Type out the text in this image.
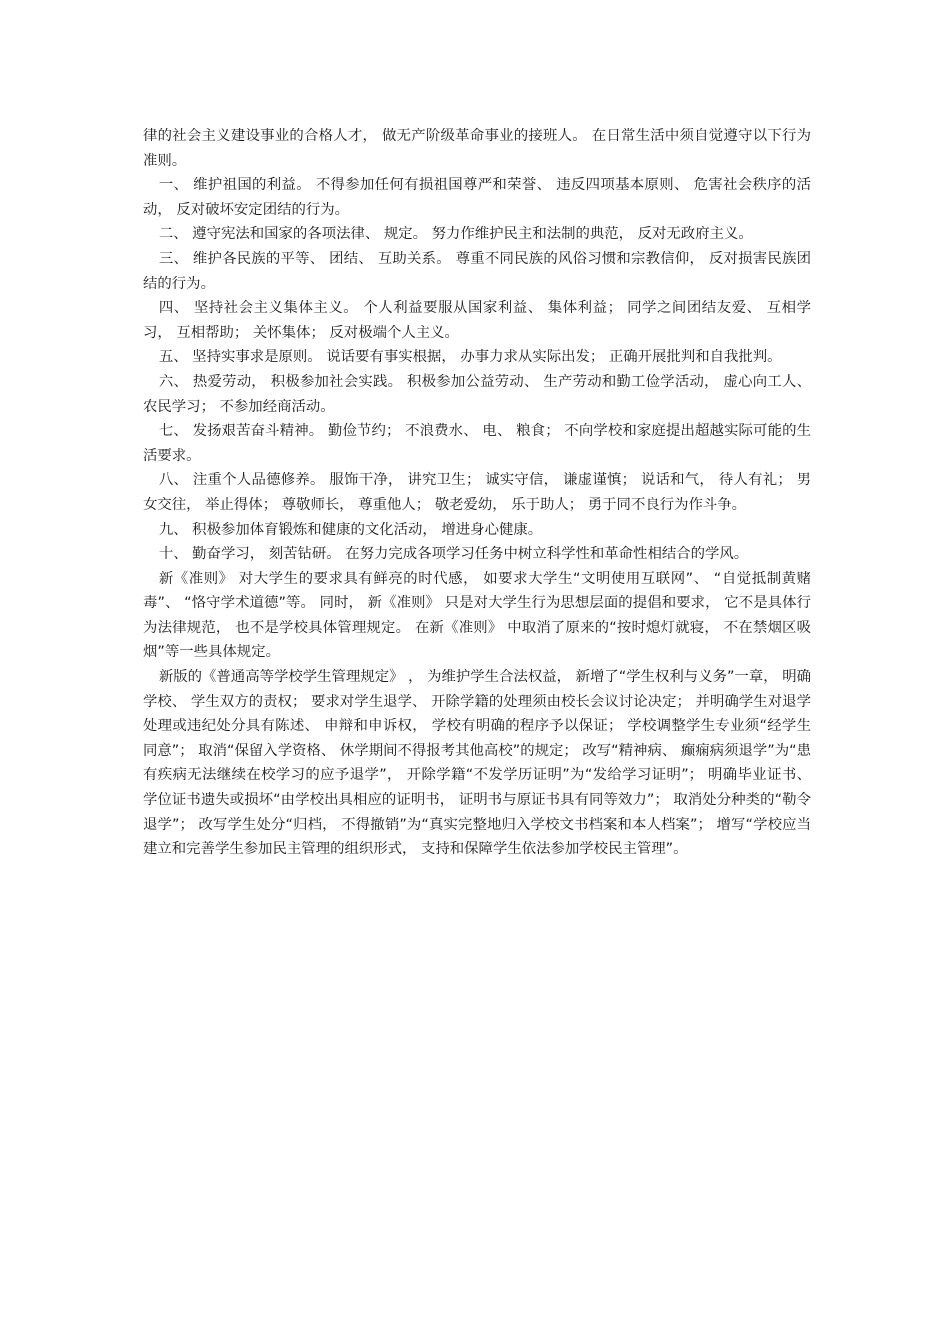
律的社会主义建设事业的合格人才， 做无产阶级革命事业的接班人。 在日常生活中须自觉遵守以下行为准则。

一、 维护祖国的利益。 不得参加任何有损祖国尊严和荣誉、 违反四项基本原则、 危害社会秩序的活动， 反对破坏安定团结的行为。

二、 遵守宪法和国家的各项法律、 规定。 努力作维护民主和法制的典范， 反对无政府主义。

三、 维护各民族的平等、 团结、 互助关系。 尊重不同民族的风俗习惯和宗教信仰， 反对损害民族团结的行为。

四、 坚持社会主义集体主义。 个人利益要服从国家利益、 集体利益； 同学之间团结友爱、 互相学习， 互相帮助； 关怀集体； 反对极端个人主义。

五、 坚持实事求是原则。 说话要有事实根据， 办事力求从实际出发； 正确开展批判和自我批判。

六、 热爱劳动， 积极参加社会实践。 积极参加公益劳动、 生产劳动和勤工俭学活动， 虚心向工人、 农民学习； 不参加经商活动。

七、 发扬艰苦奋斗精神。 勤俭节约； 不浪费水、 电、 粮食； 不向学校和家庭提出超越实际可能的生活要求。

八、 注重个人品德修养。 服饰干净， 讲究卫生； 诚实守信， 谦虚谨慎； 说话和气， 待人有礼； 男女交往， 举止得体； 尊敬师长， 尊重他人； 敬老爱幼， 乐于助人； 勇于同不良行为作斗争。

九、 积极参加体育锻炼和健康的文化活动， 增进身心健康。

十、 勤奋学习， 刻苦钻研。 在努力完成各项学习任务中树立科学性和革命性相结合的学风。

新《准则》 对大学生的要求具有鲜亮的时代感， 如要求大学生“文明使用互联网”、 “自觉抵制黄赌毒”、 “恪守学术道德”等。 同时， 新《准则》 只是对大学生行为思想层面的提倡和要求， 它不是具体行为法律规范， 也不是学校具体管理规定。 在新《准则》 中取消了原来的“按时熄灯就寝， 不在禁烟区吸烟”等一些具体规定。

新版的《普通高等学校学生管理规定》 ， 为维护学生合法权益， 新增了“学生权利与义务”一章， 明确学校、 学生双方的责权； 要求对学生退学、 开除学籍的处理须由校长会议讨论决定； 并明确学生对退学处理或违纪处分具有陈述、 申辩和申诉权， 学校有明确的程序予以保证； 学校调整学生专业须“经学生同意”； 取消“保留入学资格、 休学期间不得报考其他高校”的规定； 改写“精神病、 癫痫病须退学”为“患有疾病无法继续在校学习的应予退学”， 开除学籍“不发学历证明”为“发给学习证明”； 明确毕业证书、 学位证书遗失或损坏“由学校出具相应的证明书， 证明书与原证书具有同等效力”； 取消处分种类的“勒令退学”； 改写学生处分“归档， 不得撤销”为“真实完整地归入学校文书档案和本人档案”； 增写“学校应当建立和完善学生参加民主管理的组织形式， 支持和保障学生依法参加学校民主管理”。
